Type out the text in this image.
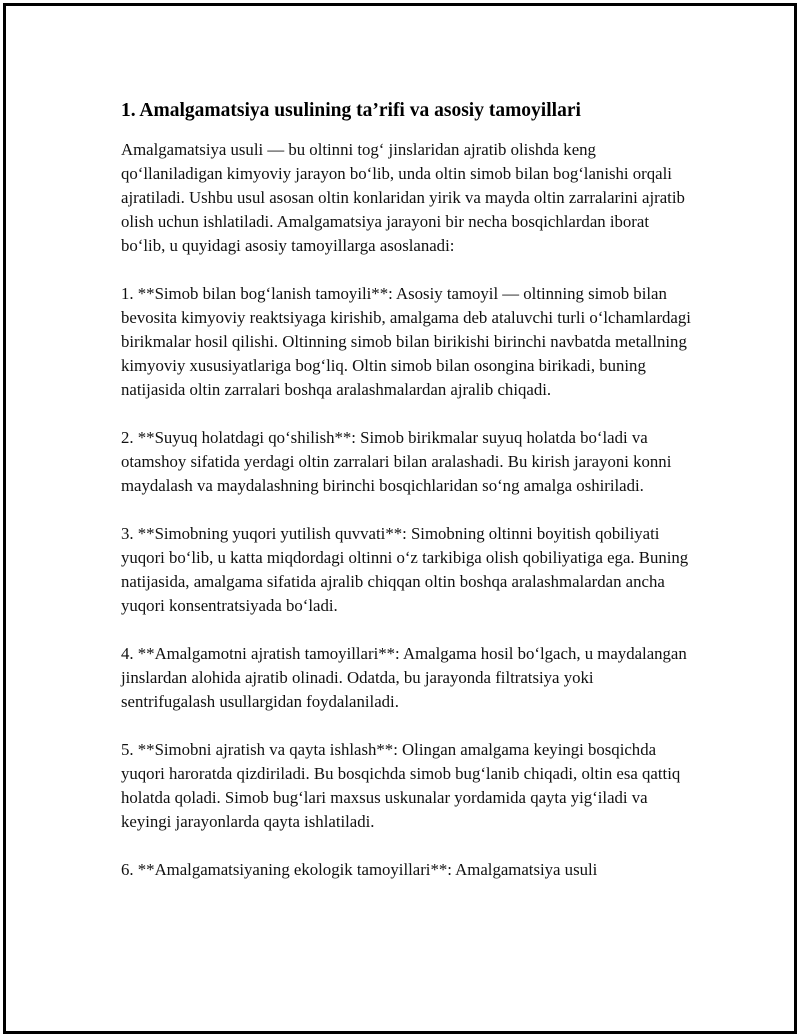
1. Amalgamatsiya usulining ta’rifi va asosiy tamoyillari

Amalgamatsiya usuli — bu oltinni tog‘ jinslaridan ajratib olishda keng qo‘llaniladigan kimyoviy jarayon bo‘lib, unda oltin simob bilan bog‘lanishi orqali ajratiladi. Ushbu usul asosan oltin konlaridan yirik va mayda oltin zarralarini ajratib olish uchun ishlatiladi. Amalgamatsiya jarayoni bir necha bosqichlardan iborat bo‘lib, u quyidagi asosiy tamoyillarga asoslanadi:

1. **Simob bilan bog‘lanish tamoyili**: Asosiy tamoyil — oltinning simob bilan bevosita kimyoviy reaktsiyaga kirishib, amalgama deb ataluvchi turli o‘lchamlardagi birikmalar hosil qilishi. Oltinning simob bilan birikishi birinchi navbatda metallning kimyoviy xususiyatlariga bog‘liq. Oltin simob bilan osongina birikadi, buning natijasida oltin zarralari boshqa aralashmalardan ajralib chiqadi.

2. **Suyuq holatdagi qo‘shilish**: Simob birikmalar suyuq holatda bo‘ladi va otamshoy sifatida yerdagi oltin zarralari bilan aralashadi. Bu kirish jarayoni konni maydalash va maydalashning birinchi bosqichlaridan so‘ng amalga oshiriladi.

3. **Simobning yuqori yutilish quvvati**: Simobning oltinni boyitish qobiliyati yuqori bo‘lib, u katta miqdordagi oltinni o‘z tarkibiga olish qobiliyatiga ega. Buning natijasida, amalgama sifatida ajralib chiqqan oltin boshqa aralashmalardan ancha yuqori konsentratsiyada bo‘ladi.

4. **Amalgamotni ajratish tamoyillari**: Amalgama hosil bo‘lgach, u maydalangan jinslardan alohida ajratib olinadi. Odatda, bu jarayonda filtratsiya yoki sentrifugalash usullargidan foydalaniladi.

5. **Simobni ajratish va qayta ishlash**: Olingan amalgama keyingi bosqichda yuqori haroratda qizdiriladi. Bu bosqichda simob bug‘lanib chiqadi, oltin esa qattiq holatda qoladi. Simob bug‘lari maxsus uskunalar yordamida qayta yig‘iladi va keyingi jarayonlarda qayta ishlatiladi.

6. **Amalgamatsiyaning ekologik tamoyillari**: Amalgamatsiya usuli
